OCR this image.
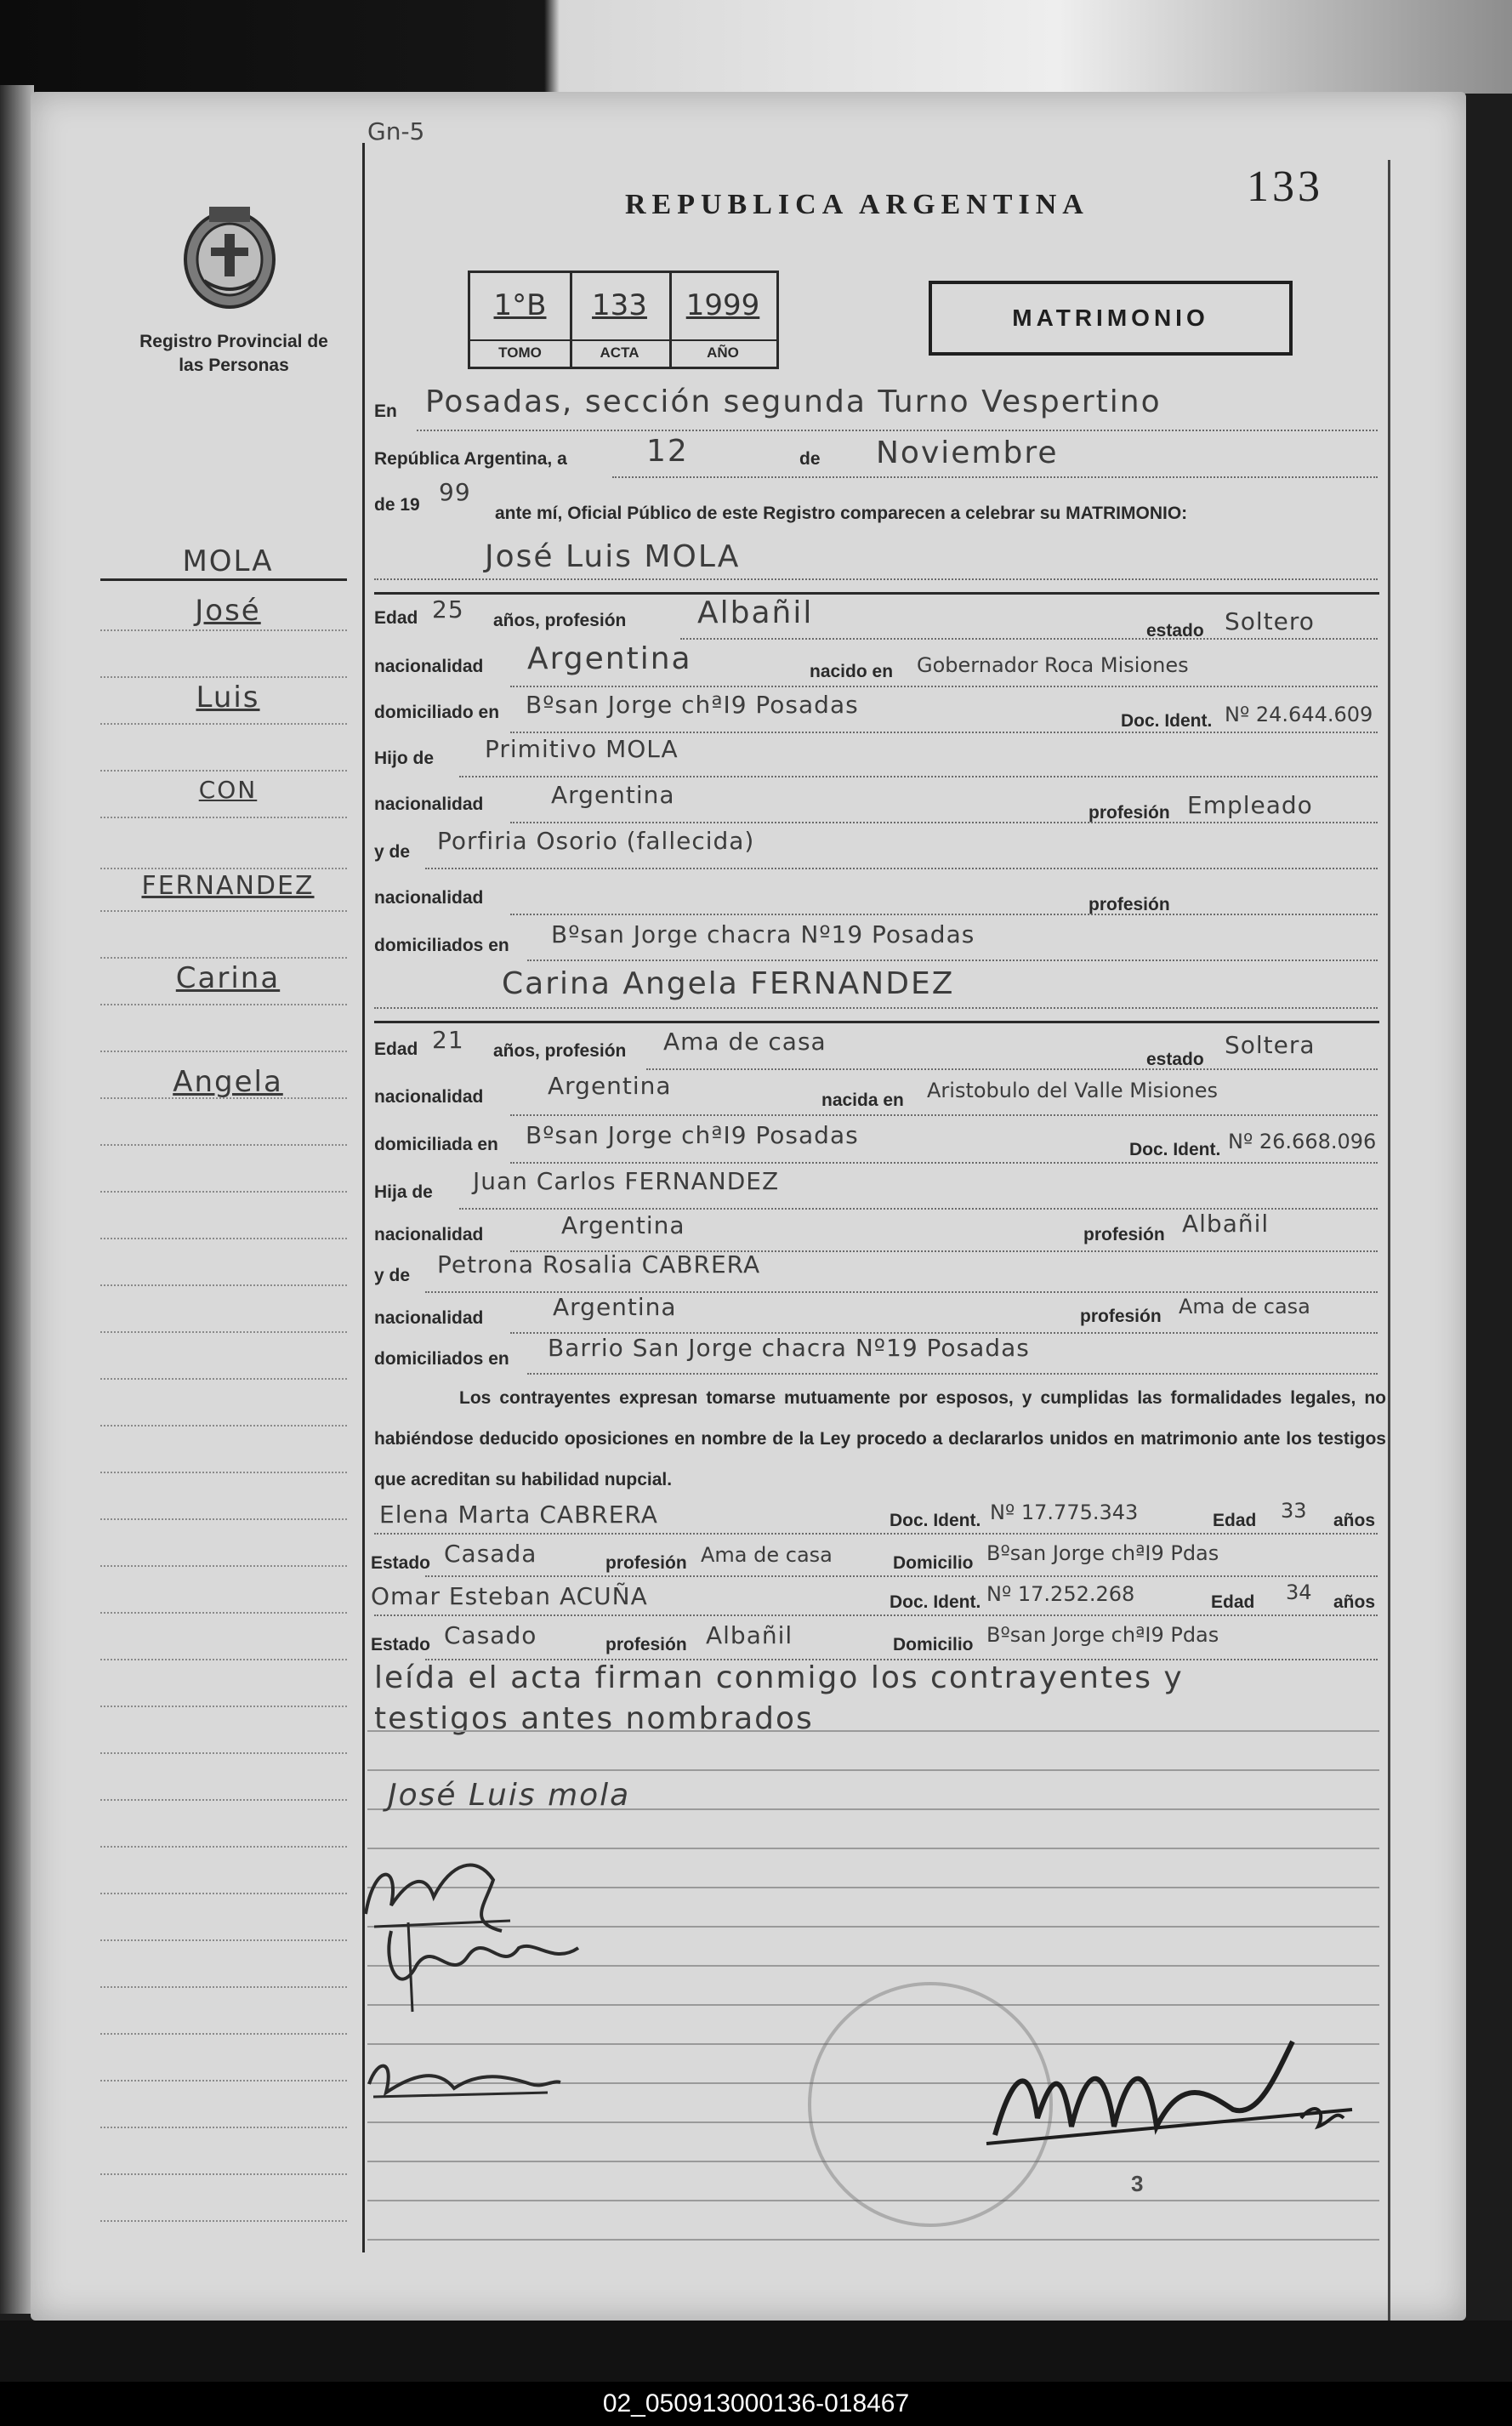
Gn-5
Registro Provincial de las Personas
REPUBLICA ARGENTINA	133
1°B
TOMO
133
ACTA
1999
AÑO
MATRIMONIO
MOLA
José
Luis
CON
FERNANDEZ
Carina
Angela
En Posadas, sección segunda Turno Vespertino
República Argentina, a	12	de Noviembre
de 19 99
ante mí, Oficial Público de este Registro comparecen a celebrar su MATRIMONIO:
José Luis MOLA
Edad 25 años, profesión Albañil
estado Soltero
nacionalidad Argentina	nacido en Gobernador Roca Misiones
domiciliado en Bºsan Jorge chªI9 Posadas
Doc. Ident. Nº 24.644.609
Hijo de Primitivo MOLA
nacionalidad	Argentina
profesión Empleado
y de Porfiria Osorio (fallecida)
nacionalidad	profesión
domiciliados en Bºsan Jorge chacra Nº19 Posadas
Carina Angela FERNANDEZ
Edad 21 años, profesión Ama de casa
estado
Soltera
nacionalidad	Argentina
nacida en Aristobulo del Valle Misiones
domiciliada en Bºsan Jorge chªI9 Posadas
Doc. Ident. Nº 26.668.096
Hija de Juan Carlos FERNANDEZ
nacionalidad	Argentina	profesión Albañil
y de Petrona Rosalia CABRERA
nacionalidad	Argentina	profesión Ama de casa
domiciliados en Barrio San Jorge chacra Nº19 Posadas
Los contrayentes expresan tomarse mutuamente por esposos, y cumplidas las formalidades legales, no habiéndose deducido oposiciones en nombre de la Ley procedo a declararlos unidos en matrimonio ante los testigos que acreditan su habilidad nupcial.
Elena Marta CABRERA	Doc. Ident. Nº 17.775.343	Edad 33 años
Estado Casada	profesión Ama de casa	Domicilio Bºsan Jorge chªI9 Pdas
Omar Esteban ACUÑA	Doc. Ident. Nº 17.252.268	Edad 34 años
Estado Casado	profesión Albañil	Domicilio Bºsan Jorge chªI9 Pdas
leída el acta firman conmigo los contrayentes y
testigos antes nombrados
José Luis mola
3
02_050913000136-018467
